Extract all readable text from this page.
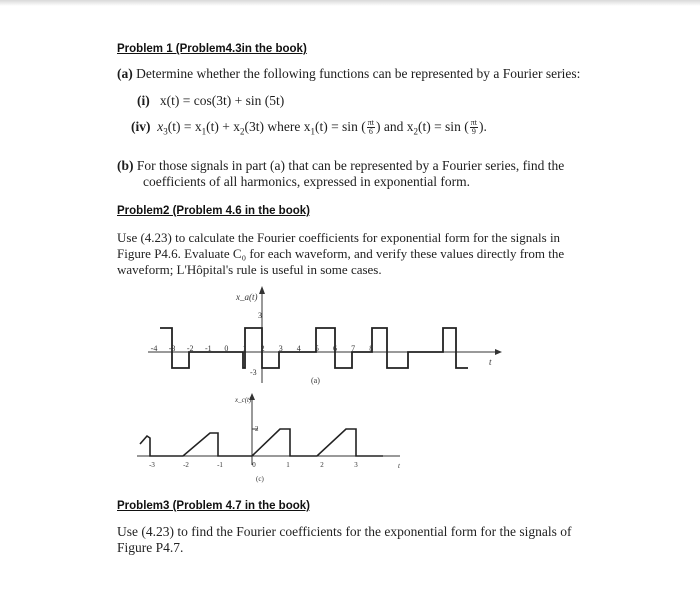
Problem 1 (Problem4.3in the book)
(a) Determine whether the following functions can be represented by a Fourier series:
(i) x(t) = cos(3t) + sin (5t)
(iv) $x_3(t) = x_1(t) + x_2(3t)$ where $x_1(t) = \sin$ ( $\frac{\pi t}{6}$ ) and $x_2(t) = \sin$ ( $\frac{\pi t}{9}$ ).
(b) For those signals in part (a) that can be represented by a Fourier series, find the
coefficients of all harmonics, expressed in exponential form.
Problem2 (Problem 4.6 in the book)
Use (4.23) to calculate the Fourier coefficients for exponential form for the signals in
Figure P4.6. Evaluate C₀ for each waveform, and verify these values directly from the
waveform; L'Hôpital's rule is useful in some cases.
x_a(t)
3
-3
-4 -3 -2 -1 0 1 2 3 4 5 6 7 8
t
(a)
x_c(t)
2
-3	-2	-1	0	1	2	3	t
(c)
Problem3 (Problem 4.7 in the book)
Use (4.23) to find the Fourier coefficients for the exponential form for the signals of
Figure P4.7.
